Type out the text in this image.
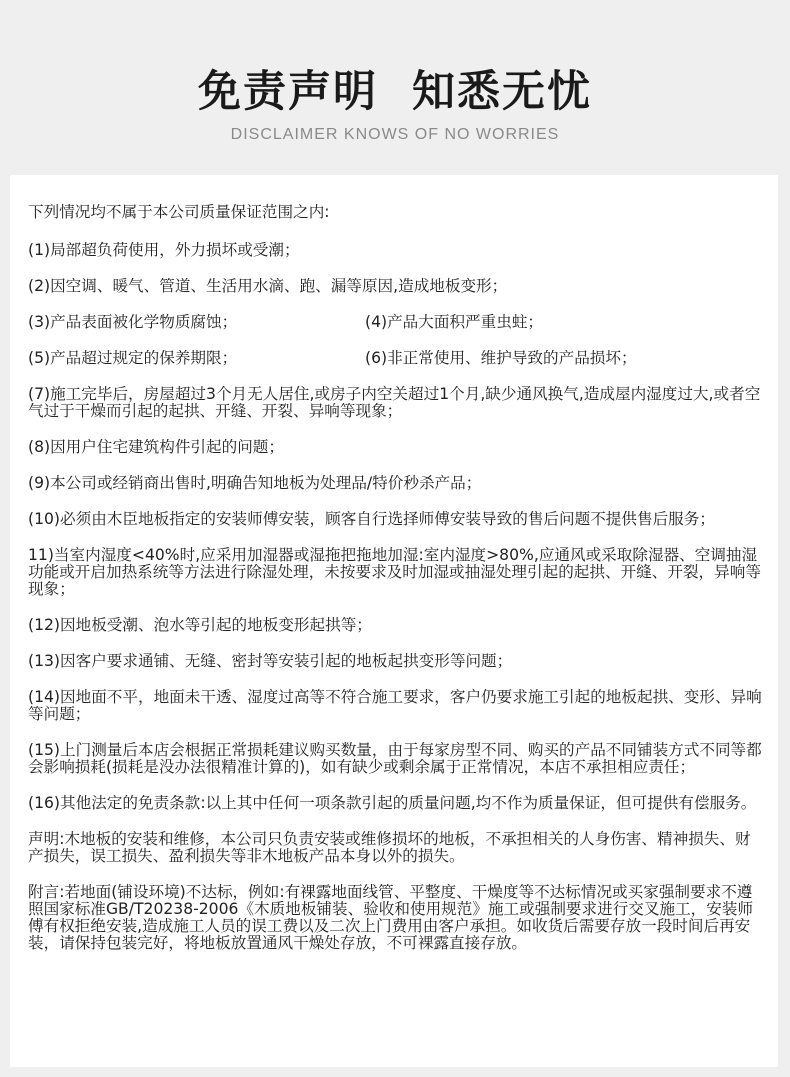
免责声明  知悉无忧
DISCLAIMER KNOWS OF NO WORRIES

下列情况均不属于本公司质量保证范围之内:

(1)局部超负荷使用，外力损坏或受潮；

(2)因空调、暖气、管道、生活用水滴、跑、漏等原因,造成地板变形；

(3)产品表面被化学物质腐蚀；	(4)产品大面积严重虫蛀；
(5)产品超过规定的保养期限；	(6)非正常使用、维护导致的产品损坏；

(7)施工完毕后，房屋超过3个月无人居住,或房子内空关超过1个月,缺少通风换气,造成屋内湿度过大,或者空气过于干燥而引起的起拱、开缝、开裂、异响等现象；

(8)因用户住宅建筑构件引起的问题；

(9)本公司或经销商出售时,明确告知地板为处理品/特价秒杀产品；

(10)必须由木臣地板指定的安装师傅安装，顾客自行选择师傅安装导致的售后问题不提供售后服务；

11)当室内湿度<40%时,应采用加湿器或湿拖把拖地加湿:室内湿度>80%,应通风或采取除湿器、空调抽湿功能或开启加热系统等方法进行除湿处理，未按要求及时加湿或抽湿处理引起的起拱、开缝、开裂，异响等现象；

(12)因地板受潮、泡水等引起的地板变形起拱等；

(13)因客户要求通铺、无缝、密封等安装引起的地板起拱变形等问题；

(14)因地面不平，地面未干透、湿度过高等不符合施工要求，客户仍要求施工引起的地板起拱、变形、异响等问题；

(15)上门测量后本店会根据正常损耗建议购买数量，由于每家房型不同、购买的产品不同铺装方式不同等都会影响损耗(损耗是没办法很精准计算的)，如有缺少或剩余属于正常情况，本店不承担相应责任；

(16)其他法定的免责条款:以上其中任何一项条款引起的质量问题,均不作为质量保证，但可提供有偿服务。

声明:木地板的安装和维修，本公司只负责安装或维修损坏的地板，不承担相关的人身伤害、精神损失、财产损失，误工损失、盈利损失等非木地板产品本身以外的损失。

附言:若地面(铺设环境)不达标，例如:有裸露地面线管、平整度、干燥度等不达标情况或买家强制要求不遵照国家标准GB/T20238-2006《木质地板铺装、验收和使用规范》施工或强制要求进行交叉施工，安装师傅有权拒绝安装,造成施工人员的误工费以及二次上门费用由客户承担。如收货后需要存放一段时间后再安装，请保持包装完好，将地板放置通风干燥处存放，不可裸露直接存放。
